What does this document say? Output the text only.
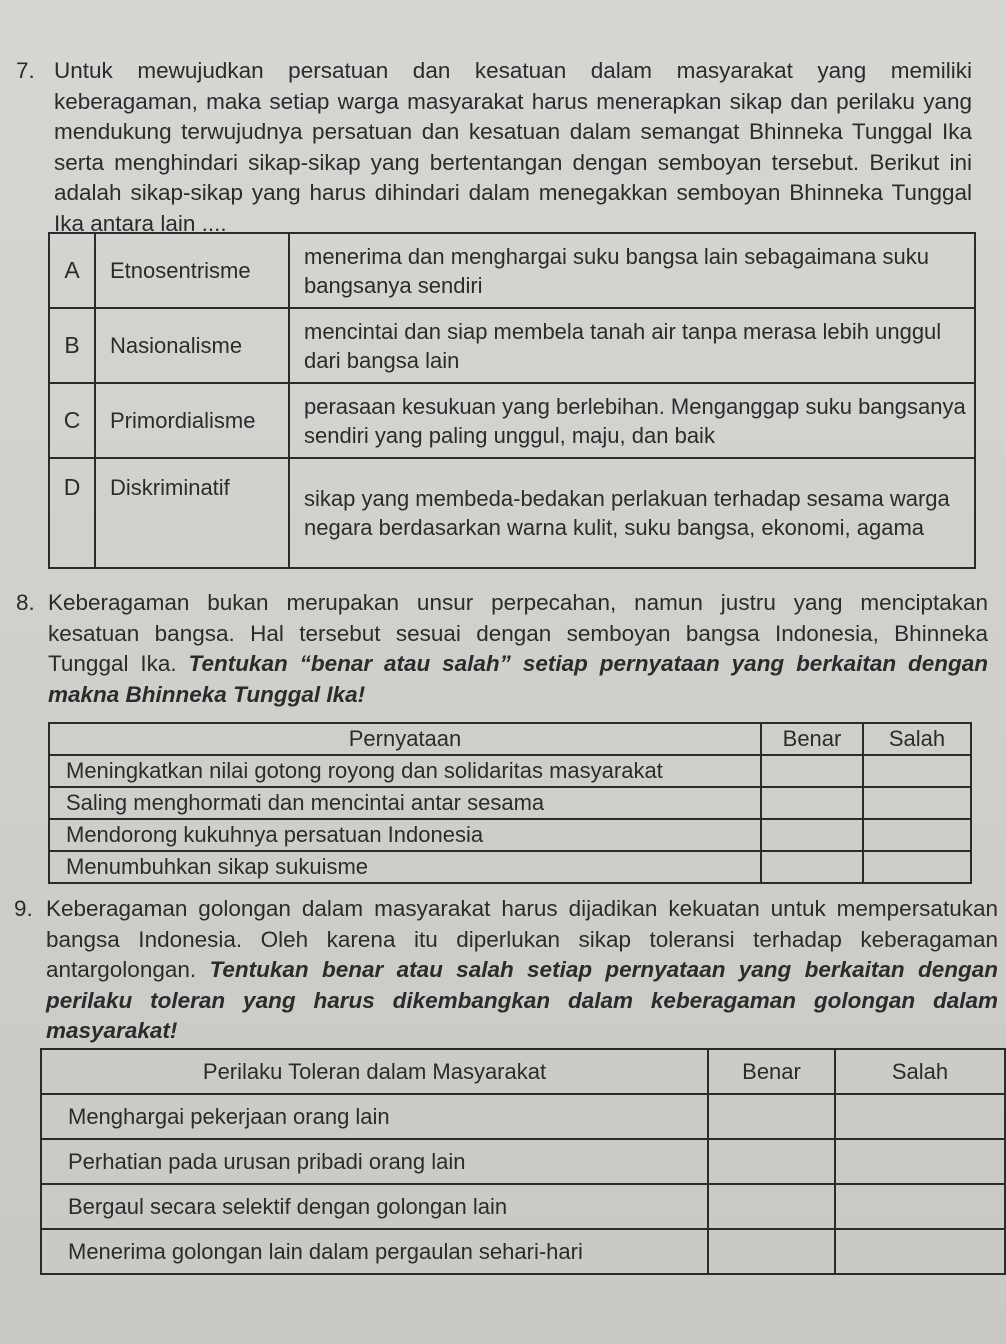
7. Untuk mewujudkan persatuan dan kesatuan dalam masyarakat yang memiliki keberagaman, maka setiap warga masyarakat harus menerapkan sikap dan perilaku yang mendukung terwujudnya persatuan dan kesatuan dalam semangat Bhinneka Tunggal Ika serta menghindari sikap-sikap yang bertentangan dengan semboyan tersebut. Berikut ini adalah sikap-sikap yang harus dihindari dalam menegakkan semboyan Bhinneka Tunggal Ika antara lain ....

A	Etnosentrisme	menerima dan menghargai suku bangsa lain sebagaimana suku bangsanya sendiri
B	Nasionalisme	mencintai dan siap membela tanah air tanpa merasa lebih unggul dari bangsa lain
C	Primordialisme	perasaan kesukuan yang berlebihan. Menganggap suku bangsanya sendiri yang paling unggul, maju, dan baik
D	Diskriminatif	sikap yang membeda-bedakan perlakuan terhadap sesama warga negara berdasarkan warna kulit, suku bangsa, ekonomi, agama
8. Keberagaman bukan merupakan unsur perpecahan, namun justru yang menciptakan kesatuan bangsa. Hal tersebut sesuai dengan semboyan bangsa Indonesia, Bhinneka Tunggal Ika. Tentukan “benar atau salah” setiap pernyataan yang berkaitan dengan makna Bhinneka Tunggal Ika!

Pernyataan	Benar	Salah
Meningkatkan nilai gotong royong dan solidaritas masyarakat		
Saling menghormati dan mencintai antar sesama		
Mendorong kukuhnya persatuan Indonesia		
Menumbuhkan sikap sukuisme		
9. Keberagaman golongan dalam masyarakat harus dijadikan kekuatan untuk mempersatukan bangsa Indonesia. Oleh karena itu diperlukan sikap toleransi terhadap keberagaman antargolongan. Tentukan benar atau salah setiap pernyataan yang berkaitan dengan perilaku toleran yang harus dikembangkan dalam keberagaman golongan dalam masyarakat!

Perilaku Toleran dalam Masyarakat	Benar	Salah
Menghargai pekerjaan orang lain		
Perhatian pada urusan pribadi orang lain		
Bergaul secara selektif dengan golongan lain		
Menerima golongan lain dalam pergaulan sehari-hari		
